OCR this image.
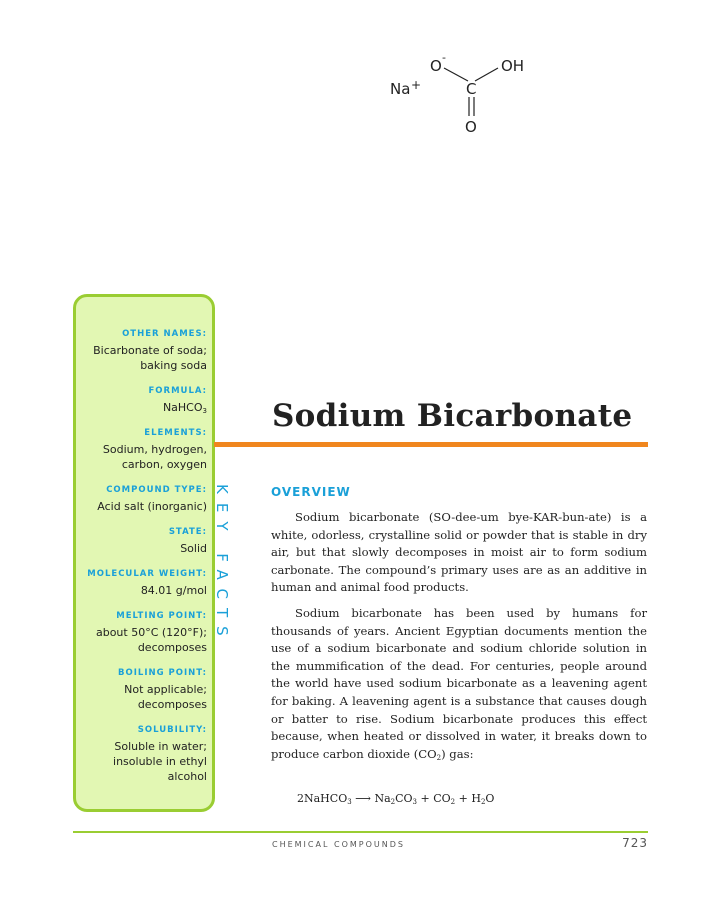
O -	OH
Na +	C
O
OTHER NAMES:
Bicarbonate of soda;
baking soda
FORMULA:
NaHCO$_3$
ELEMENTS:
Sodium, hydrogen,
carbon, oxygen
COMPOUND TYPE:
Acid salt (inorganic)
STATE:
Solid
MOLECULAR WEIGHT:
84.01 g/mol
MELTING POINT:
about 50°C (120°F);
decomposes
BOILING POINT:
Not applicable;
decomposes
SOLUBILITY:
Soluble in water;
insoluble in ethyl
alcohol
KEY FACTS
Sodium Bicarbonate
OVERVIEW

Sodium bicarbonate (SO-dee-um bye-KAR-bun-ate) is a white, odorless, crystalline solid or powder that is stable in dry air, but that slowly decomposes in moist air to form sodium carbonate. The compound’s primary uses are as an additive in human and animal food products.

Sodium bicarbonate has been used by humans for thousands of years. Ancient Egyptian documents mention the use of a sodium bicarbonate and sodium chloride solution in the mummification of the dead. For centuries, people around the world have used sodium bicarbonate as a leavening agent for baking. A leavening agent is a substance that causes dough or batter to rise. Sodium bicarbonate produces this effect because, when heated or dissolved in water, it breaks down to produce carbon dioxide $(CO_2)$ gas:

2NaHCO$_3$ ⟶ $Na_2CO_3 + CO_2 + H_2O$
CHEMICAL COMPOUNDS	723
